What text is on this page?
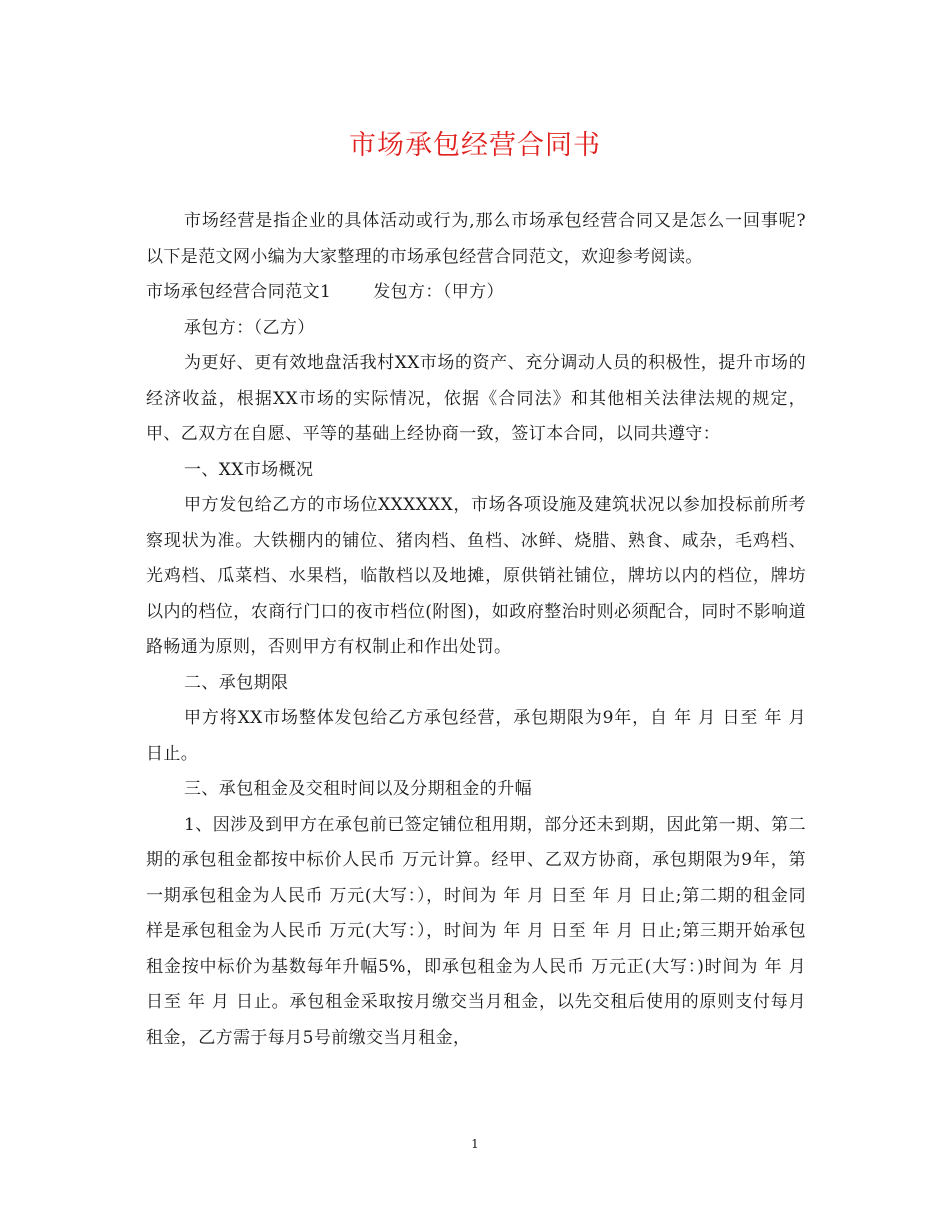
市场承包经营合同书

市场经营是指企业的具体活动或行为,那么市场承包经营合同又是怎么一回事呢?以下是范文网小编为大家整理的市场承包经营合同范文，欢迎参考阅读。

市场承包经营合同范文1 发包方：（甲方）

承包方：（乙方）

为更好、更有效地盘活我村XX市场的资产、充分调动人员的积极性，提升市场的经济收益，根据XX市场的实际情况，依据《合同法》和其他相关法律法规的规定，甲、乙双方在自愿、平等的基础上经协商一致，签订本合同，以同共遵守：

一、XX市场概况

甲方发包给乙方的市场位XXXXXX，市场各项设施及建筑状况以参加投标前所考察现状为准。大铁棚内的铺位、猪肉档、鱼档、冰鲜、烧腊、熟食、咸杂，毛鸡档、光鸡档、瓜菜档、水果档，临散档以及地摊，原供销社铺位，牌坊以内的档位，牌坊以内的档位，农商行门口的夜市档位(附图)，如政府整治时则必须配合，同时不影响道路畅通为原则，否则甲方有权制止和作出处罚。

二、承包期限

甲方将XX市场整体发包给乙方承包经营，承包期限为9年，自 年 月 日至 年 月 日止。

三、承包租金及交租时间以及分期租金的升幅

1、因涉及到甲方在承包前已签定铺位租用期，部分还未到期，因此第一期、第二期的承包租金都按中标价人民币 万元计算。经甲、乙双方协商，承包期限为9年，第一期承包租金为人民币 万元(大写：），时间为 年 月 日至 年 月 日止;第二期的租金同样是承包租金为人民币 万元(大写：），时间为 年 月 日至 年 月 日止;第三期开始承包租金按中标价为基数每年升幅5%，即承包租金为人民币 万元正(大写：)时间为 年 月 日至 年 月 日止。承包租金采取按月缴交当月租金，以先交租后使用的原则支付每月租金，乙方需于每月5号前缴交当月租金，

1
